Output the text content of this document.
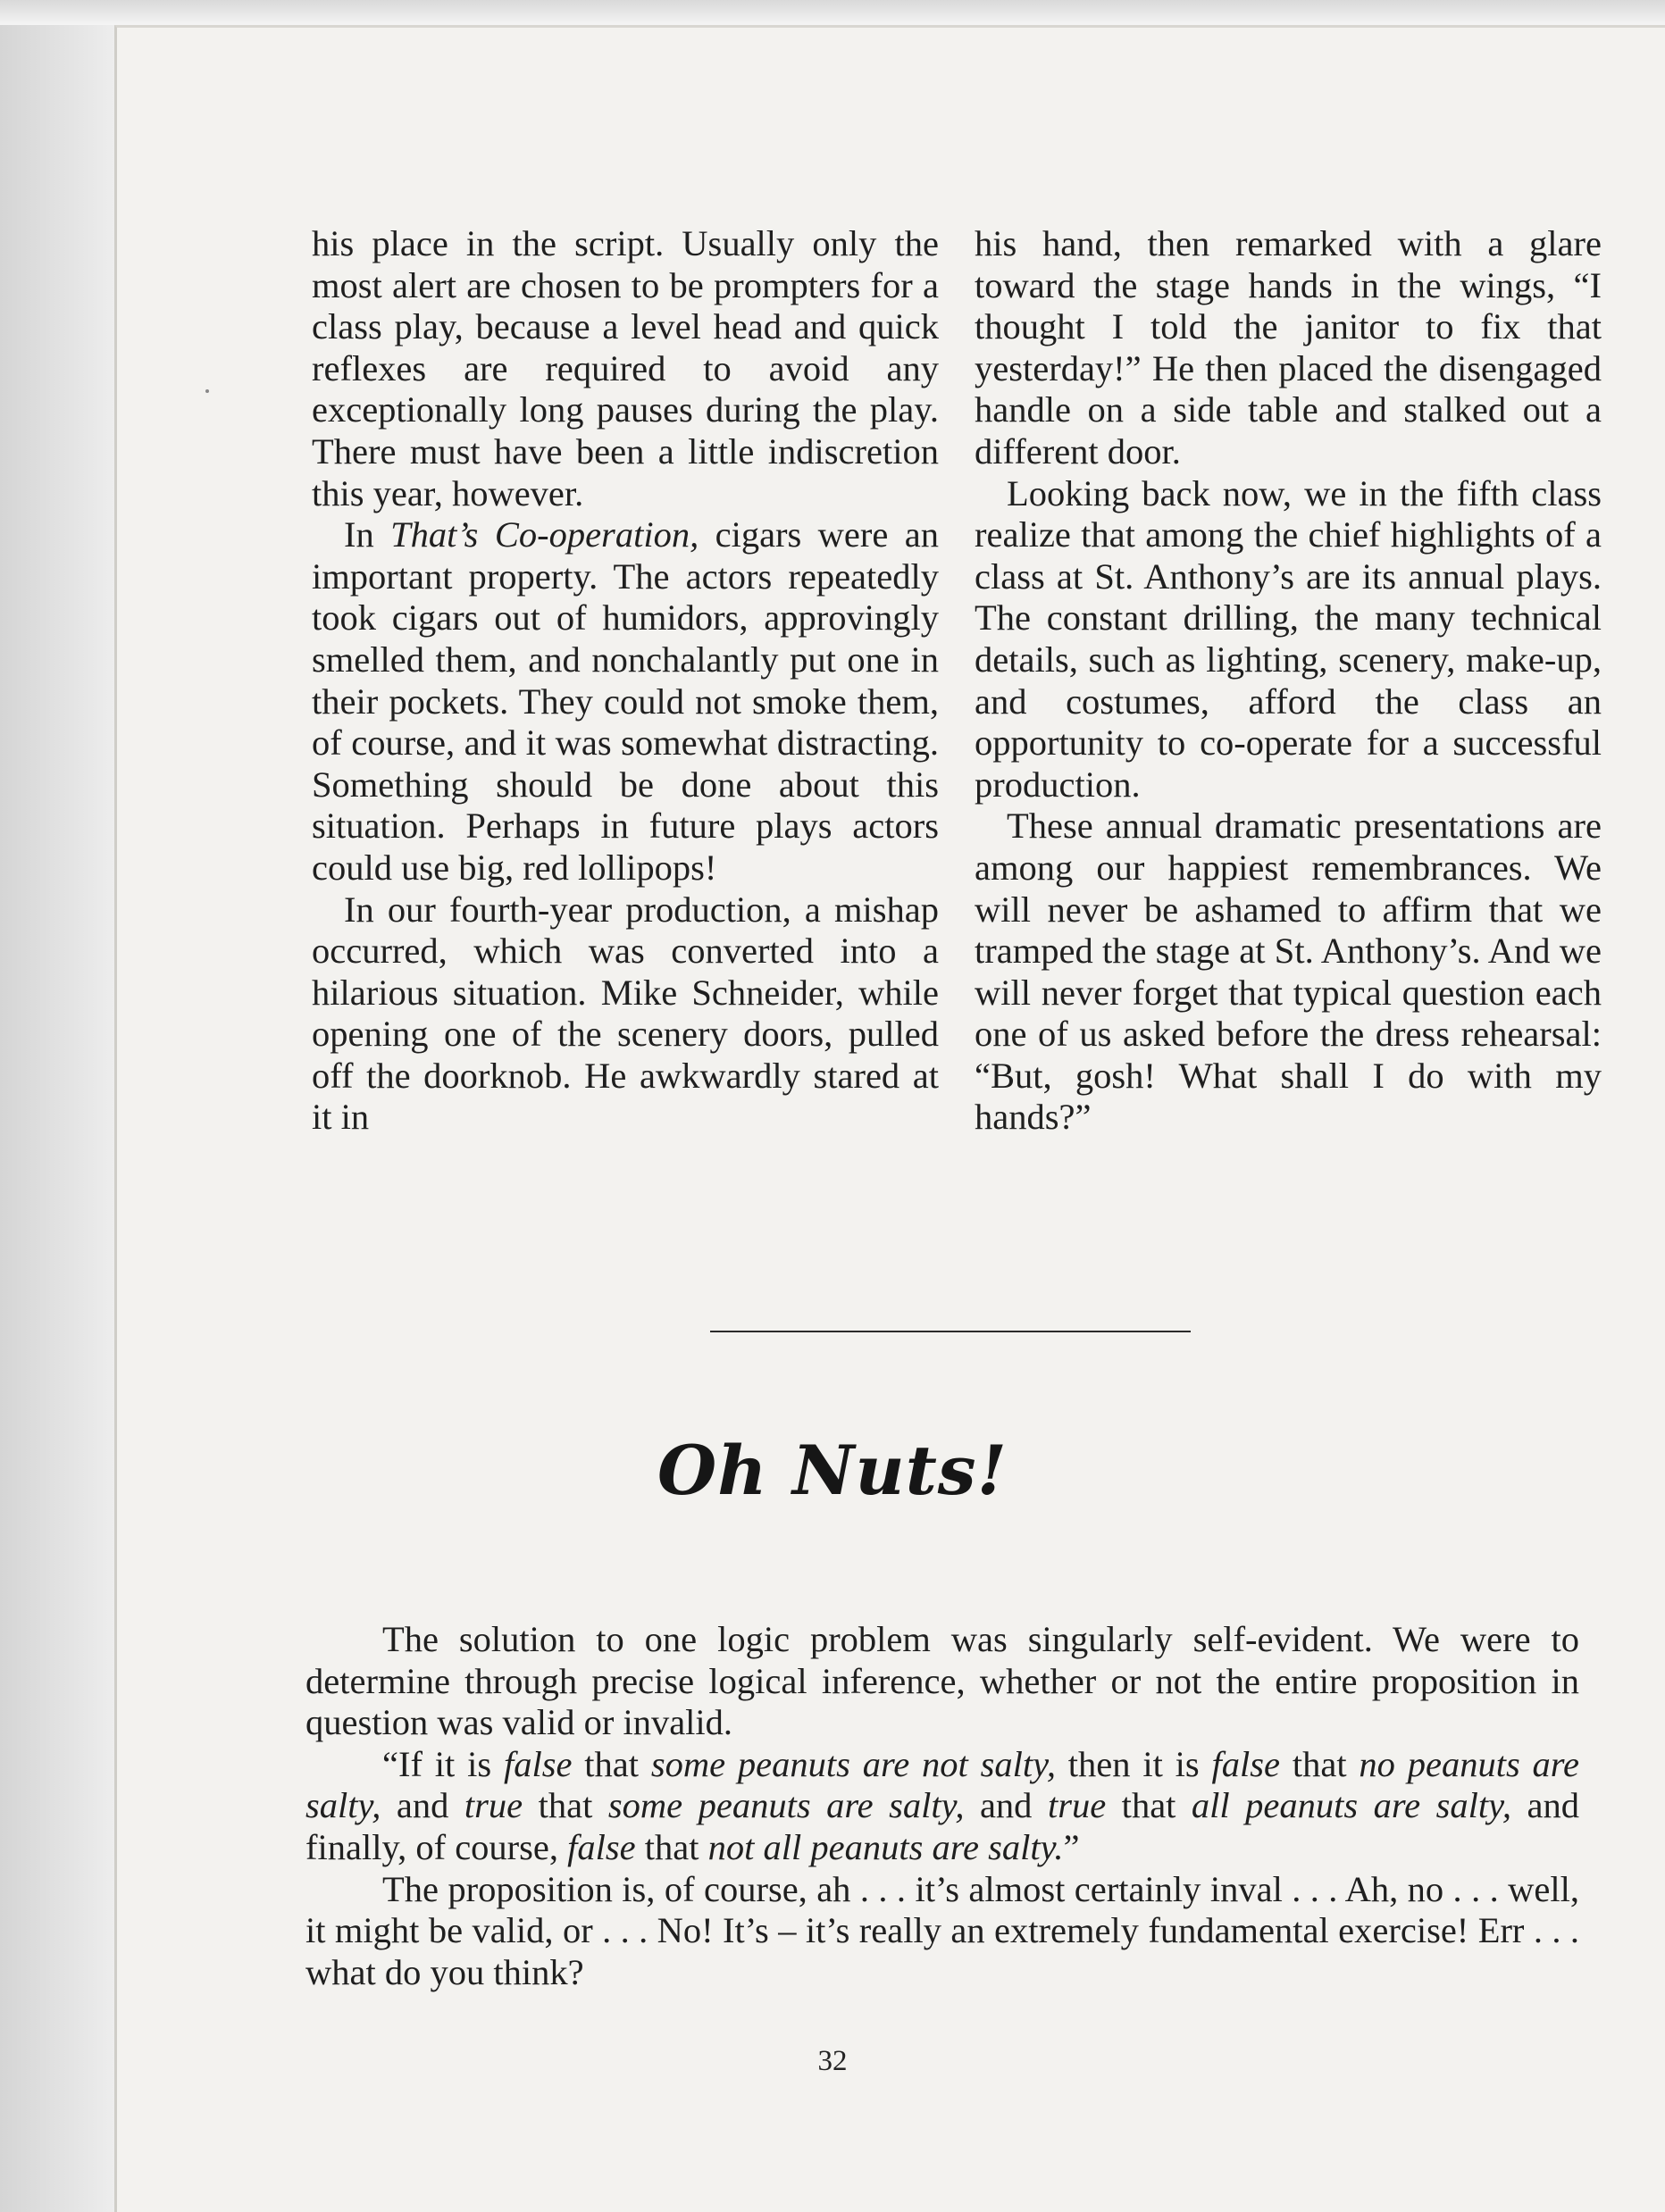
his place in the script. Usually only the most alert are chosen to be prompters for a class play, because a level head and quick reflexes are required to avoid any exceptionally long pauses during the play. There must have been a little indiscretion this year, however.

In That’s Co-operation, cigars were an important property. The actors repeatedly took cigars out of humidors, approvingly smelled them, and nonchalantly put one in their pockets. They could not smoke them, of course, and it was somewhat distracting. Something should be done about this situation. Perhaps in future plays actors could use big, red lollipops!

In our fourth-year production, a mishap occurred, which was converted into a hilarious situation. Mike Schneider, while opening one of the scenery doors, pulled off the doorknob. He awkwardly stared at it in

his hand, then remarked with a glare toward the stage hands in the wings, “I thought I told the janitor to fix that yesterday!” He then placed the disengaged handle on a side table and stalked out a different door.

Looking back now, we in the fifth class realize that among the chief highlights of a class at St. Anthony’s are its annual plays. The constant drilling, the many technical details, such as lighting, scenery, make-up, and costumes, afford the class an opportunity to co-operate for a successful production.

These annual dramatic presentations are among our happiest remembrances. We will never be ashamed to affirm that we tramped the stage at St. Anthony’s. And we will never forget that typical question each one of us asked before the dress rehearsal: “But, gosh! What shall I do with my hands?”

Oh Nuts!

The solution to one logic problem was singularly self-evident. We were to determine through precise logical inference, whether or not the entire proposition in question was valid or invalid.

“If it is false that some peanuts are not salty, then it is false that no peanuts are salty, and true that some peanuts are salty, and true that all peanuts are salty, and finally, of course, false that not all peanuts are salty.”

The proposition is, of course, ah . . . it’s almost certainly inval . . . Ah, no . . . well, it might be valid, or . . . No! It’s – it’s really an extremely fundamental exercise! Err . . . what do you think?

32
